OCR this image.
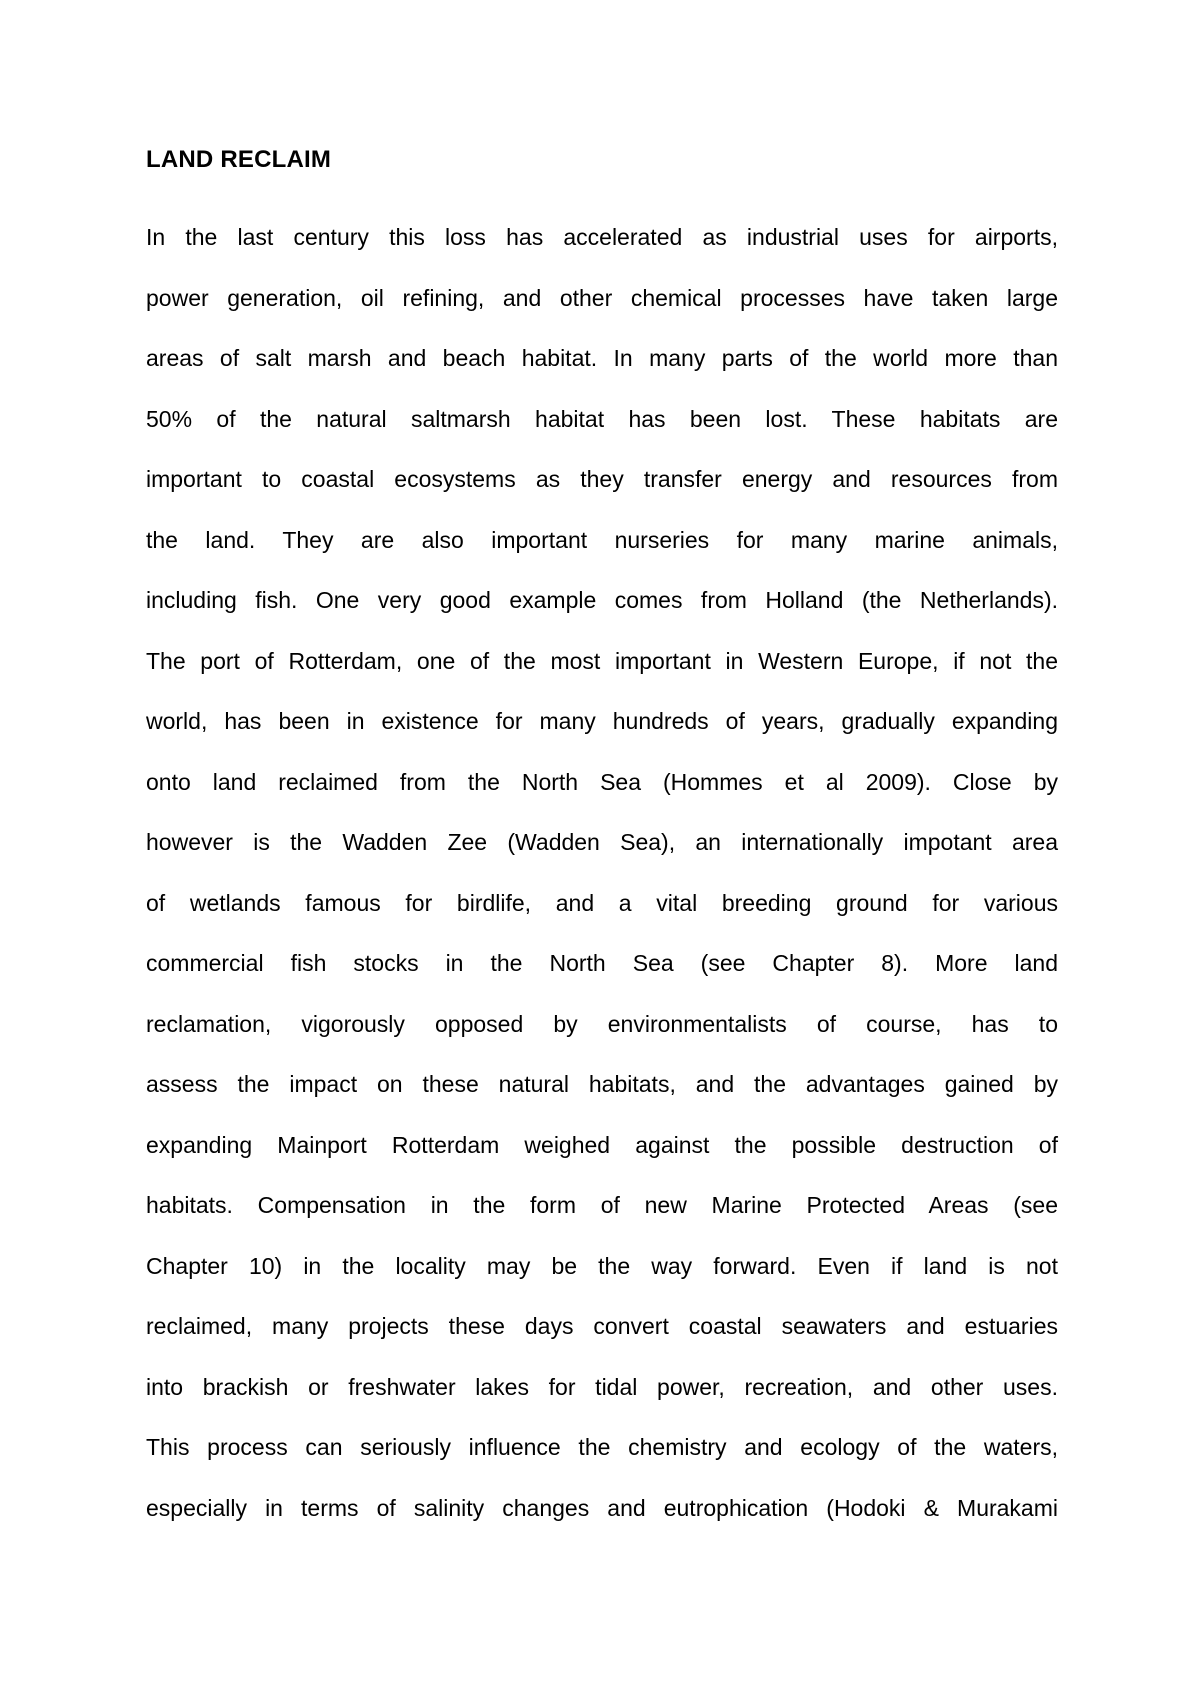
LAND RECLAIM
In the last century this loss has accelerated as industrial uses for airports,
power generation, oil refining, and other chemical processes have taken large
areas of salt marsh and beach habitat. In many parts of the world more than
50% of the natural saltmarsh habitat has been lost. These habitats are
important to coastal ecosystems as they transfer energy and resources from
the land. They are also important nurseries for many marine animals,
including fish. One very good example comes from Holland (the Netherlands).
The port of Rotterdam, one of the most important in Western Europe, if not the
world, has been in existence for many hundreds of years, gradually expanding
onto land reclaimed from the North Sea (Hommes et al 2009). Close by
however is the Wadden Zee (Wadden Sea), an internationally impotant area
of wetlands famous for birdlife, and a vital breeding ground for various
commercial fish stocks in the North Sea (see Chapter 8). More land
reclamation, vigorously opposed by environmentalists of course, has to
assess the impact on these natural habitats, and the advantages gained by
expanding Mainport Rotterdam weighed against the possible destruction of
habitats. Compensation in the form of new Marine Protected Areas (see
Chapter 10) in the locality may be the way forward. Even if land is not
reclaimed, many projects these days convert coastal seawaters and estuaries
into brackish or freshwater lakes for tidal power, recreation, and other uses.
This process can seriously influence the chemistry and ecology of the waters,
especially in terms of salinity changes and eutrophication (Hodoki & Murakami
